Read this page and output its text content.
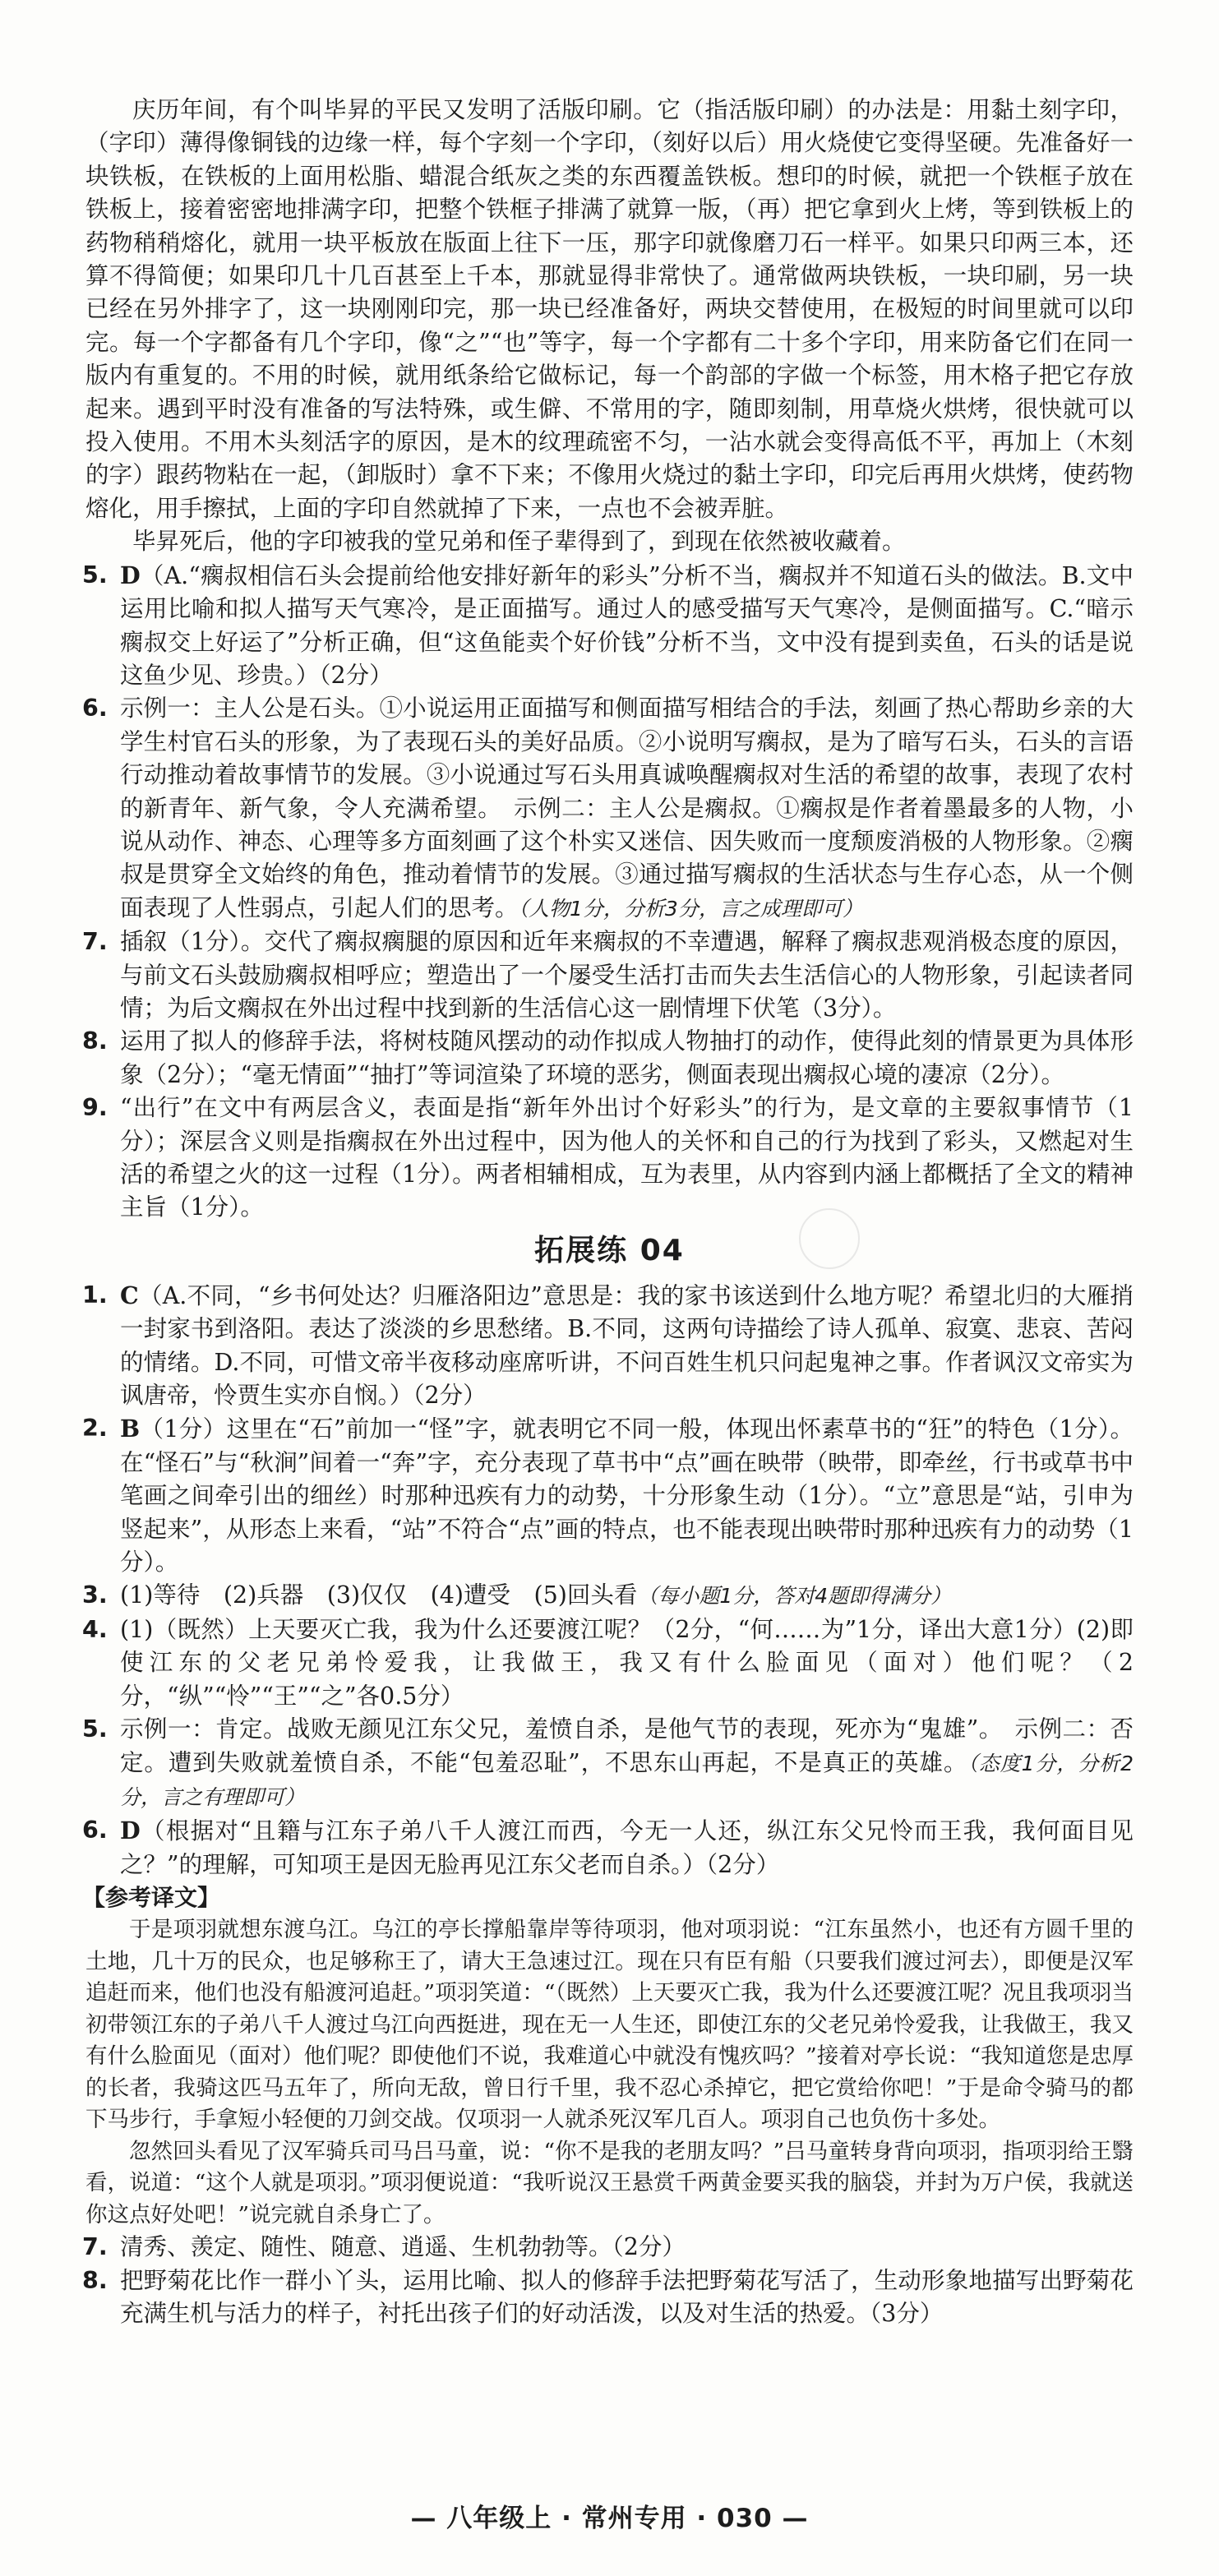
庆历年间，有个叫毕昇的平民又发明了活版印刷。它（指活版印刷）的办法是：用黏土刻字印，（字印）薄得像铜钱的边缘一样，每个字刻一个字印，（刻好以后）用火烧使它变得坚硬。先准备好一块铁板，在铁板的上面用松脂、蜡混合纸灰之类的东西覆盖铁板。想印的时候，就把一个铁框子放在铁板上，接着密密地排满字印，把整个铁框子排满了就算一版，（再）把它拿到火上烤，等到铁板上的药物稍稍熔化，就用一块平板放在版面上往下一压，那字印就像磨刀石一样平。如果只印两三本，还算不得简便；如果印几十几百甚至上千本，那就显得非常快了。通常做两块铁板，一块印刷，另一块已经在另外排字了，这一块刚刚印完，那一块已经准备好，两块交替使用，在极短的时间里就可以印完。每一个字都备有几个字印，像“之”“也”等字，每一个字都有二十多个字印，用来防备它们在同一版内有重复的。不用的时候，就用纸条给它做标记，每一个韵部的字做一个标签，用木格子把它存放起来。遇到平时没有准备的写法特殊，或生僻、不常用的字，随即刻制，用草烧火烘烤，很快就可以投入使用。不用木头刻活字的原因，是木的纹理疏密不匀，一沾水就会变得高低不平，再加上（木刻的字）跟药物粘在一起，（卸版时）拿不下来；不像用火烧过的黏土字印，印完后再用火烘烤，使药物熔化，用手擦拭，上面的字印自然就掉了下来，一点也不会被弄脏。

毕昇死后，他的字印被我的堂兄弟和侄子辈得到了，到现在依然被收藏着。

5. D（A.“瘸叔相信石头会提前给他安排好新年的彩头”分析不当，瘸叔并不知道石头的做法。B.文中运用比喻和拟人描写天气寒冷，是正面描写。通过人的感受描写天气寒冷，是侧面描写。C.“暗示瘸叔交上好运了”分析正确，但“这鱼能卖个好价钱”分析不当，文中没有提到卖鱼，石头的话是说这鱼少见、珍贵。）（2分）
6. 示例一：主人公是石头。①小说运用正面描写和侧面描写相结合的手法，刻画了热心帮助乡亲的大学生村官石头的形象，为了表现石头的美好品质。②小说明写瘸叔，是为了暗写石头，石头的言语行动推动着故事情节的发展。③小说通过写石头用真诚唤醒瘸叔对生活的希望的故事，表现了农村的新青年、新气象，令人充满希望。　示例二：主人公是瘸叔。①瘸叔是作者着墨最多的人物，小说从动作、神态、心理等多方面刻画了这个朴实又迷信、因失败而一度颓废消极的人物形象。②瘸叔是贯穿全文始终的角色，推动着情节的发展。③通过描写瘸叔的生活状态与生存心态，从一个侧面表现了人性弱点，引起人们的思考。（人物1分，分析3分，言之成理即可）
7. 插叙（1分）。交代了瘸叔瘸腿的原因和近年来瘸叔的不幸遭遇，解释了瘸叔悲观消极态度的原因，与前文石头鼓励瘸叔相呼应；塑造出了一个屡受生活打击而失去生活信心的人物形象，引起读者同情；为后文瘸叔在外出过程中找到新的生活信心这一剧情埋下伏笔（3分）。
8. 运用了拟人的修辞手法，将树枝随风摆动的动作拟成人物抽打的动作，使得此刻的情景更为具体形象（2分）；“毫无情面”“抽打”等词渲染了环境的恶劣，侧面表现出瘸叔心境的凄凉（2分）。
9. “出行”在文中有两层含义，表面是指“新年外出讨个好彩头”的行为，是文章的主要叙事情节（1分）；深层含义则是指瘸叔在外出过程中，因为他人的关怀和自己的行为找到了彩头，又燃起对生活的希望之火的这一过程（1分）。两者相辅相成，互为表里，从内容到内涵上都概括了全文的精神主旨（1分）。
拓展练 04
1. C（A.不同，“乡书何处达？归雁洛阳边”意思是：我的家书该送到什么地方呢？希望北归的大雁捎一封家书到洛阳。表达了淡淡的乡思愁绪。B.不同，这两句诗描绘了诗人孤单、寂寞、悲哀、苦闷的情绪。D.不同，可惜文帝半夜移动座席听讲，不问百姓生机只问起鬼神之事。作者讽汉文帝实为讽唐帝，怜贾生实亦自悯。）（2分）
2. B（1分）这里在“石”前加一“怪”字，就表明它不同一般，体现出怀素草书的“狂”的特色（1分）。在“怪石”与“秋涧”间着一“奔”字，充分表现了草书中“点”画在映带（映带，即牵丝，行书或草书中笔画之间牵引出的细丝）时那种迅疾有力的动势，十分形象生动（1分）。“立”意思是“站，引申为竖起来”，从形态上来看，“站”不符合“点”画的特点，也不能表现出映带时那种迅疾有力的动势（1分）。
3. (1)等待　(2)兵器　(3)仅仅　(4)遭受　(5)回头看（每小题1分，答对4题即得满分）
4. (1)（既然）上天要灭亡我，我为什么还要渡江呢？（2分，“何……为”1分，译出大意1分）(2)即使江东的父老兄弟怜爱我，让我做王，我又有什么脸面见（面对）他们呢？（2分，“纵”“怜”“王”“之”各0.5分）
5. 示例一：肯定。战败无颜见江东父兄，羞愤自杀，是他气节的表现，死亦为“鬼雄”。　示例二：否定。遭到失败就羞愤自杀，不能“包羞忍耻”，不思东山再起，不是真正的英雄。（态度1分，分析2分，言之有理即可）
6. D（根据对“且籍与江东子弟八千人渡江而西，今无一人还，纵江东父兄怜而王我，我何面目见之？”的理解，可知项王是因无脸再见江东父老而自杀。）（2分）
【参考译文】

于是项羽就想东渡乌江。乌江的亭长撑船靠岸等待项羽，他对项羽说：“江东虽然小，也还有方圆千里的土地，几十万的民众，也足够称王了，请大王急速过江。现在只有臣有船（只要我们渡过河去），即便是汉军追赶而来，他们也没有船渡河追赶。”项羽笑道：“（既然）上天要灭亡我，我为什么还要渡江呢？况且我项羽当初带领江东的子弟八千人渡过乌江向西挺进，现在无一人生还，即使江东的父老兄弟怜爱我，让我做王，我又有什么脸面见（面对）他们呢？即使他们不说，我难道心中就没有愧疚吗？”接着对亭长说：“我知道您是忠厚的长者，我骑这匹马五年了，所向无敌，曾日行千里，我不忍心杀掉它，把它赏给你吧！”于是命令骑马的都下马步行，手拿短小轻便的刀剑交战。仅项羽一人就杀死汉军几百人。项羽自己也负伤十多处。

忽然回头看见了汉军骑兵司马吕马童，说：“你不是我的老朋友吗？”吕马童转身背向项羽，指项羽给王翳看，说道：“这个人就是项羽。”项羽便说道：“我听说汉王悬赏千两黄金要买我的脑袋，并封为万户侯，我就送你这点好处吧！”说完就自杀身亡了。

7. 清秀、羡定、随性、随意、逍遥、生机勃勃等。（2分）
8. 把野菊花比作一群小丫头，运用比喻、拟人的修辞手法把野菊花写活了，生动形象地描写出野菊花充满生机与活力的样子，衬托出孩子们的好动活泼，以及对生活的热爱。（3分）
— 八年级上 · 常州专用 · 030 —
